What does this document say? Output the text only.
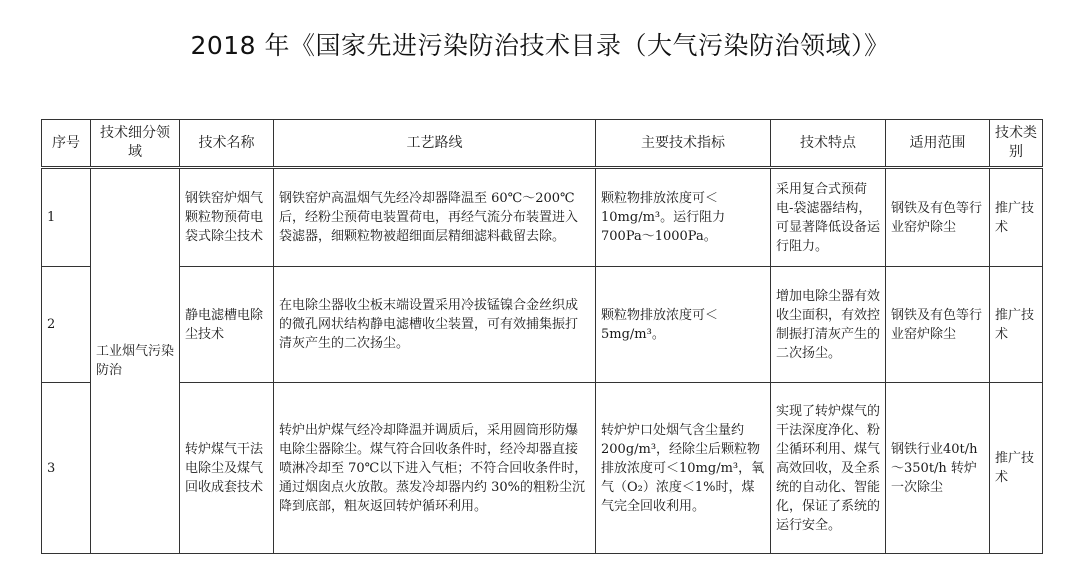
2018 年《国家先进污染防治技术目录（大气污染防治领域）》
序号	技术细分领域	技术名称	工艺路线	主要技术指标	技术特点	适用范围	技术类别
1	工业烟气污染防治	钢铁窑炉烟气颗粒物预荷电袋式除尘技术	钢铁窑炉高温烟气先经冷却器降温至 60℃～200℃后，经粉尘预荷电装置荷电，再经气流分布装置进入袋滤器，细颗粒物被超细面层精细滤料截留去除。	颗粒物排放浓度可＜10mg/m³。运行阻力700Pa～1000Pa。	采用复合式预荷电-袋滤器结构，可显著降低设备运行阻力。	钢铁及有色等行业窑炉除尘	推广技术
2		静电滤槽电除尘技术	在电除尘器收尘板末端设置采用冷拔锰镍合金丝织成的微孔网状结构静电滤槽收尘装置，可有效捕集振打清灰产生的二次扬尘。	颗粒物排放浓度可＜5mg/m³。	增加电除尘器有效收尘面积，有效控制振打清灰产生的二次扬尘。	钢铁及有色等行业窑炉除尘	推广技术
3		转炉煤气干法电除尘及煤气回收成套技术	转炉出炉煤气经冷却降温并调质后，采用圆筒形防爆电除尘器除尘。煤气符合回收条件时，经冷却器直接喷淋冷却至 70℃以下进入气柜；不符合回收条件时，通过烟囱点火放散。蒸发冷却器内约 30%的粗粉尘沉降到底部，粗灰返回转炉循环利用。	转炉炉口处烟气含尘量约 200g/m³，经除尘后颗粒物排放浓度可＜10mg/m³，氧气（O₂）浓度＜1%时，煤气完全回收利用。	实现了转炉煤气的干法深度净化、粉尘循环利用、煤气高效回收，及全系统的自动化、智能化，保证了系统的运行安全。	钢铁行业40t/h～350t/h 转炉一次除尘	推广技术
